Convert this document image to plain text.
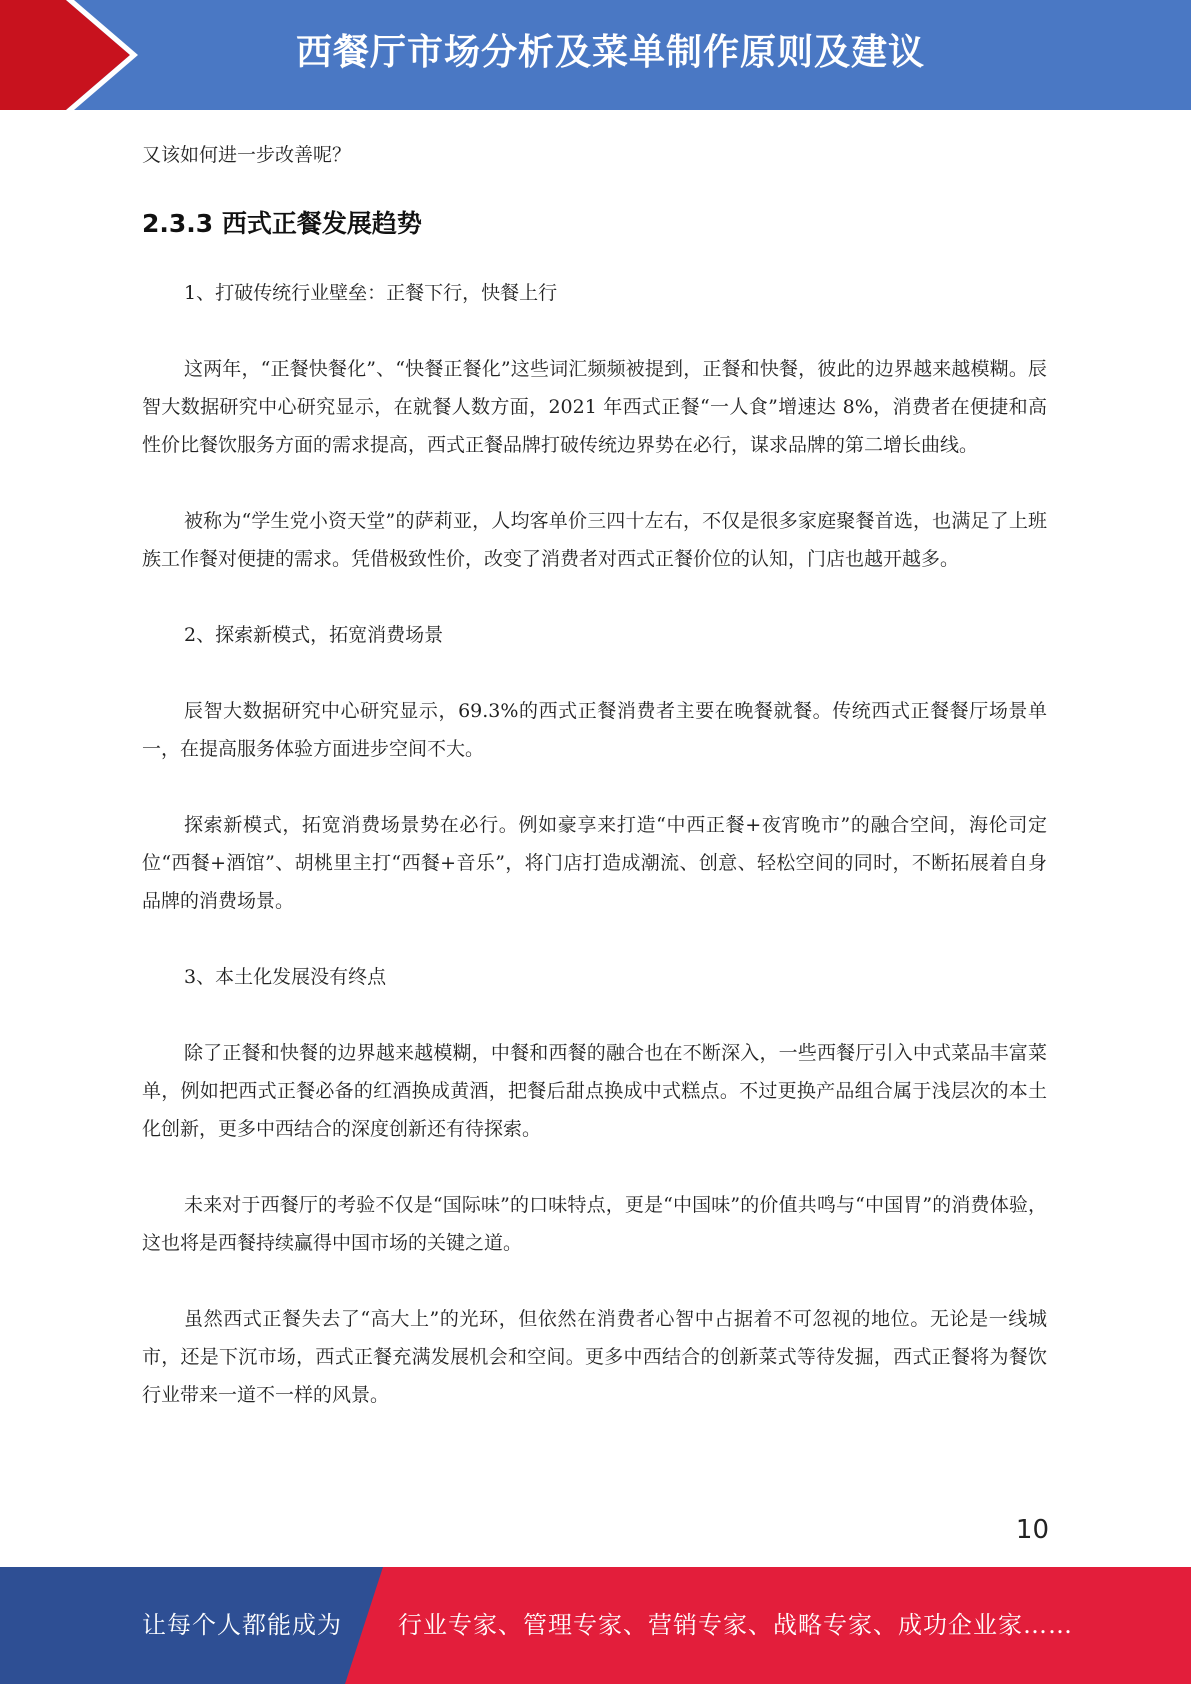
西餐厅市场分析及菜单制作原则及建议

又该如何进一步改善呢？

2.3.3 西式正餐发展趋势

1、打破传统行业壁垒：正餐下行，快餐上行

这两年，“正餐快餐化”、“快餐正餐化”这些词汇频频被提到，正餐和快餐，彼此的边界越来越模糊。辰智大数据研究中心研究显示，在就餐人数方面，2021 年西式正餐“一人食”增速达 8%，消费者在便捷和高性价比餐饮服务方面的需求提高，西式正餐品牌打破传统边界势在必行，谋求品牌的第二增长曲线。

被称为“学生党小资天堂”的萨莉亚，人均客单价三四十左右，不仅是很多家庭聚餐首选，也满足了上班族工作餐对便捷的需求。凭借极致性价，改变了消费者对西式正餐价位的认知，门店也越开越多。

2、探索新模式，拓宽消费场景

辰智大数据研究中心研究显示，69.3%的西式正餐消费者主要在晚餐就餐。传统西式正餐餐厅场景单一，在提高服务体验方面进步空间不大。

探索新模式，拓宽消费场景势在必行。例如豪享来打造“中西正餐+夜宵晚市”的融合空间，海伦司定位“西餐+酒馆”、胡桃里主打“西餐+音乐”，将门店打造成潮流、创意、轻松空间的同时，不断拓展着自身品牌的消费场景。

3、本土化发展没有终点

除了正餐和快餐的边界越来越模糊，中餐和西餐的融合也在不断深入，一些西餐厅引入中式菜品丰富菜单，例如把西式正餐必备的红酒换成黄酒，把餐后甜点换成中式糕点。不过更换产品组合属于浅层次的本土化创新，更多中西结合的深度创新还有待探索。

未来对于西餐厅的考验不仅是“国际味”的口味特点，更是“中国味”的价值共鸣与“中国胃”的消费体验，这也将是西餐持续赢得中国市场的关键之道。

虽然西式正餐失去了“高大上”的光环，但依然在消费者心智中占据着不可忽视的地位。无论是一线城市，还是下沉市场，西式正餐充满发展机会和空间。更多中西结合的创新菜式等待发掘，西式正餐将为餐饮行业带来一道不一样的风景。

10
让每个人都能成为 行业专家、管理专家、营销专家、战略专家、成功企业家……
